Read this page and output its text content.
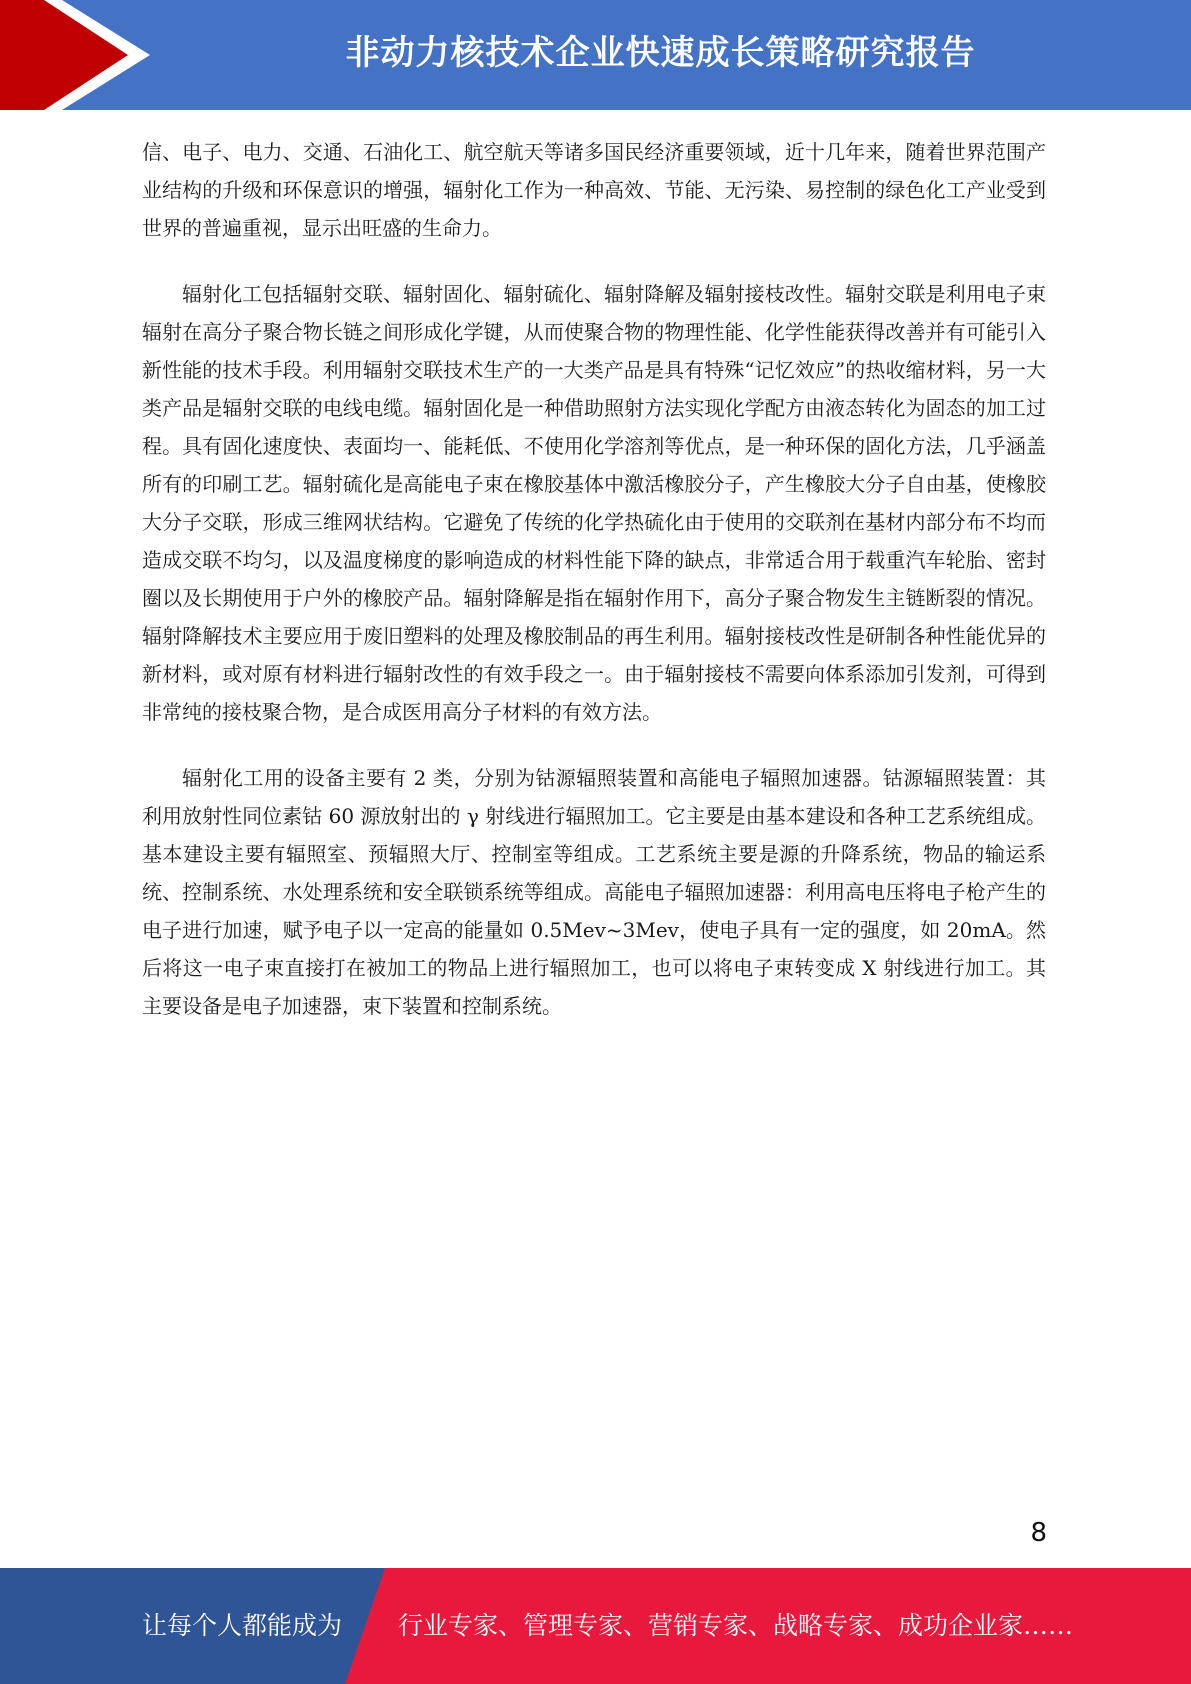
非动力核技术企业快速成长策略研究报告

信、电子、电力、交通、石油化工、航空航天等诸多国民经济重要领域，近十几年来，随着世界范围产业结构的升级和环保意识的增强，辐射化工作为一种高效、节能、无污染、易控制的绿色化工产业受到世界的普遍重视，显示出旺盛的生命力。

辐射化工包括辐射交联、辐射固化、辐射硫化、辐射降解及辐射接枝改性。辐射交联是利用电子束辐射在高分子聚合物长链之间形成化学键，从而使聚合物的物理性能、化学性能获得改善并有可能引入新性能的技术手段。利用辐射交联技术生产的一大类产品是具有特殊“记忆效应”的热收缩材料，另一大类产品是辐射交联的电线电缆。辐射固化是一种借助照射方法实现化学配方由液态转化为固态的加工过程。具有固化速度快、表面均一、能耗低、不使用化学溶剂等优点，是一种环保的固化方法，几乎涵盖所有的印刷工艺。辐射硫化是高能电子束在橡胶基体中激活橡胶分子，产生橡胶大分子自由基，使橡胶大分子交联，形成三维网状结构。它避免了传统的化学热硫化由于使用的交联剂在基材内部分布不均而造成交联不均匀，以及温度梯度的影响造成的材料性能下降的缺点，非常适合用于载重汽车轮胎、密封圈以及长期使用于户外的橡胶产品。辐射降解是指在辐射作用下，高分子聚合物发生主链断裂的情况。辐射降解技术主要应用于废旧塑料的处理及橡胶制品的再生利用。辐射接枝改性是研制各种性能优异的新材料，或对原有材料进行辐射改性的有效手段之一。由于辐射接枝不需要向体系添加引发剂，可得到非常纯的接枝聚合物，是合成医用高分子材料的有效方法。

辐射化工用的设备主要有 2 类，分别为钴源辐照装置和高能电子辐照加速器。钴源辐照装置：其利用放射性同位素钴 60 源放射出的 γ 射线进行辐照加工。它主要是由基本建设和各种工艺系统组成。基本建设主要有辐照室、预辐照大厅、控制室等组成。工艺系统主要是源的升降系统，物品的输运系统、控制系统、水处理系统和安全联锁系统等组成。高能电子辐照加速器：利用高电压将电子枪产生的电子进行加速，赋予电子以一定高的能量如 0.5Mev~3Mev，使电子具有一定的强度，如 20mA。然后将这一电子束直接打在被加工的物品上进行辐照加工，也可以将电子束转变成 X 射线进行加工。其主要设备是电子加速器，束下装置和控制系统。

8
让每个人都能成为 行业专家、管理专家、营销专家、战略专家、成功企业家……
